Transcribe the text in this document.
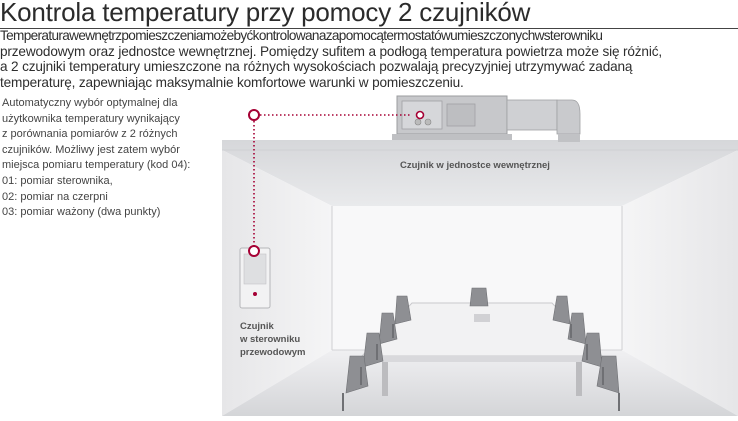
Kontrola temperatury przy pomocy 2 czujników
Temperaturawewnętrzpomieszczeniamożebyćkontrolowanazapomocątermostatówumieszczonychwsterowniku
przewodowym oraz jednostce wewnętrznej. Pomiędzy sufitem a podłogą temperatura powietrza może się różnić,
a 2 czujniki temperatury umieszczone na różnych wysokościach pozwalają precyzyjniej utrzymywać zadaną
temperaturę, zapewniając maksymalnie komfortowe warunki w pomieszczeniu.
Automatyczny wybór optymalnej dla
użytkownika temperatury wynikający
z porównania pomiarów z 2 różnych
czujników. Możliwy jest zatem wybór
miejsca pomiaru temperatury (kod 04):
01: pomiar sterownika,
02: pomiar na czerpni
03: pomiar ważony (dwa punkty)
Czujnik w jednostce wewnętrznej
Czujnik
w sterowniku
przewodowym
